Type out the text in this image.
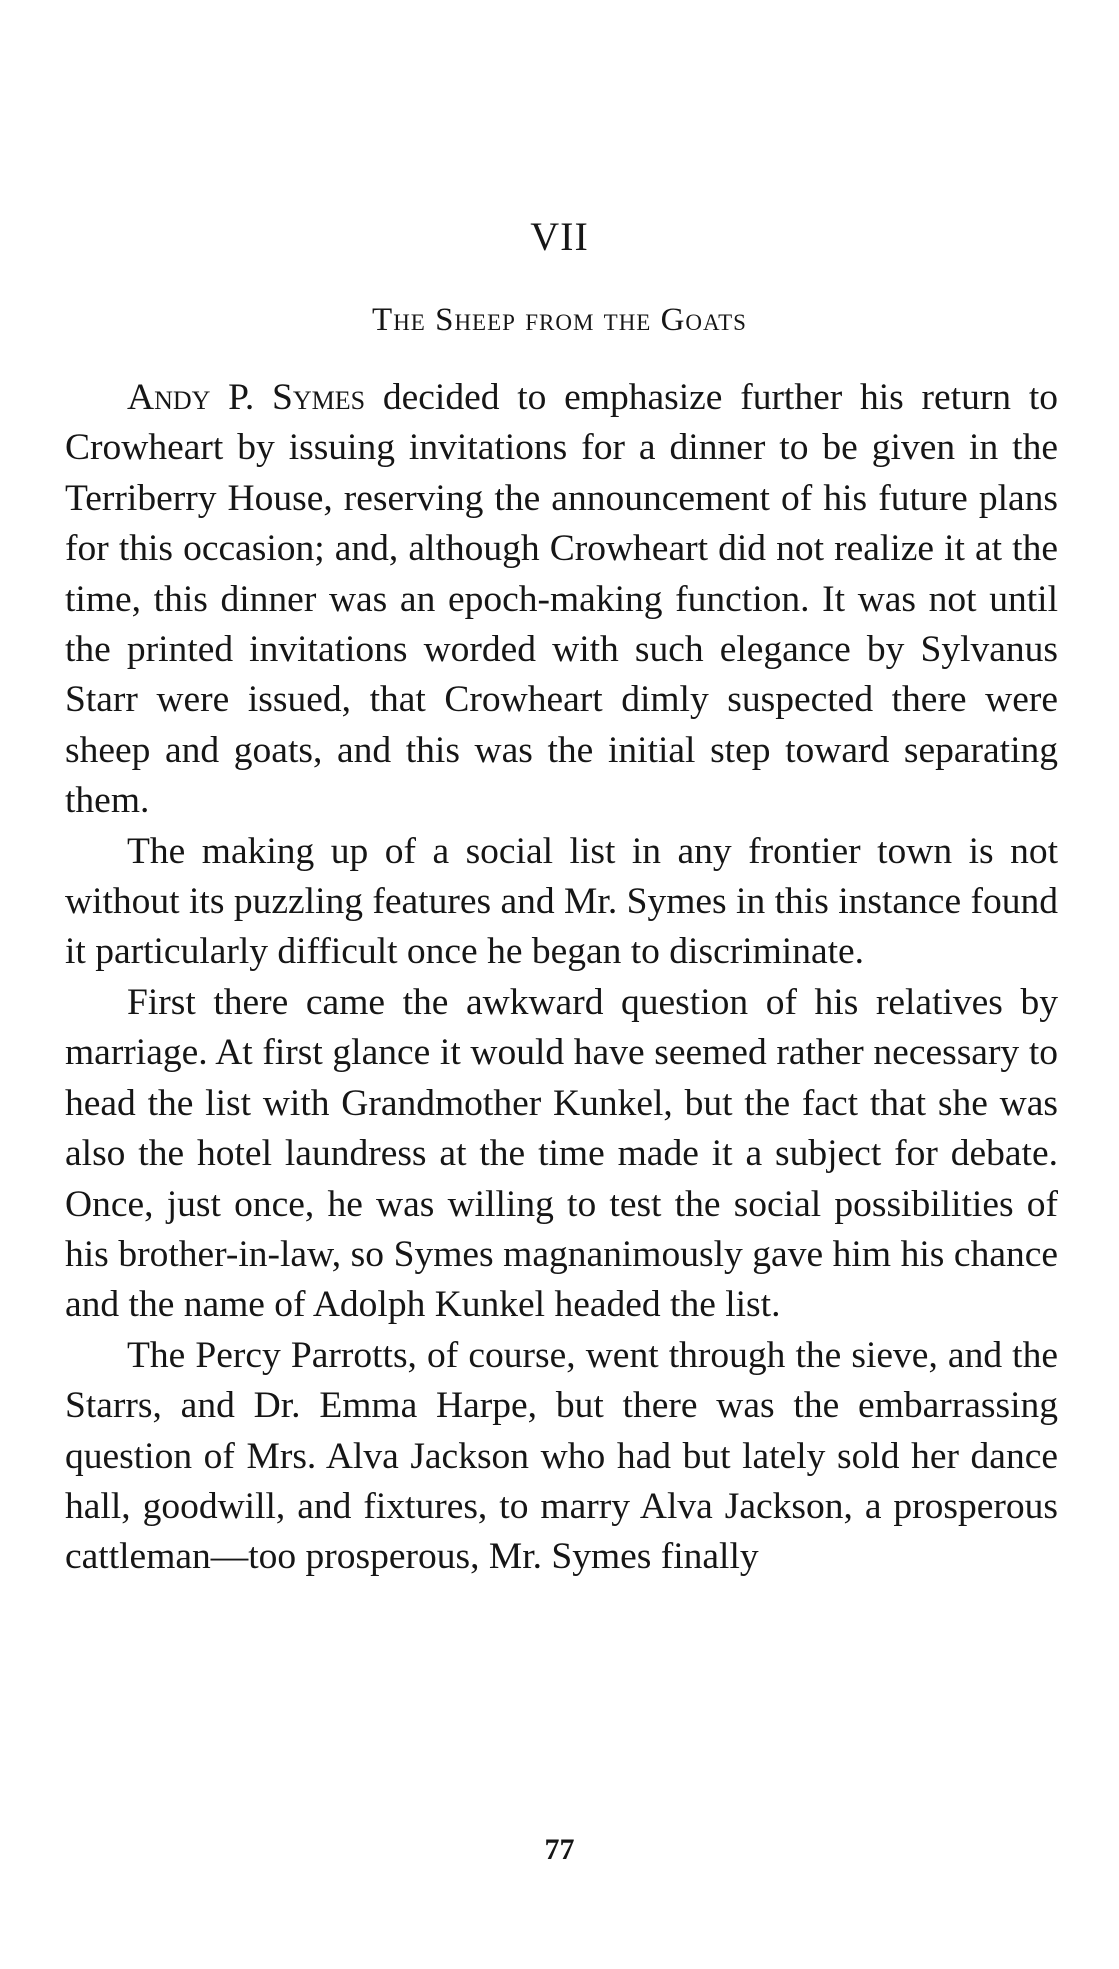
VII
The Sheep from the Goats

Andy P. Symes decided to emphasize further his return to Crowheart by issuing invitations for a dinner to be given in the Terriberry House, reserving the announcement of his future plans for this occasion; and, although Crowheart did not realize it at the time, this dinner was an epoch-making function. It was not until the printed invitations worded with such elegance by Sylvanus Starr were issued, that Crowheart dimly suspected there were sheep and goats, and this was the initial step toward separating them.

The making up of a social list in any frontier town is not without its puzzling features and Mr. Symes in this instance found it particularly difficult once he began to discriminate.

First there came the awkward question of his relatives by marriage. At first glance it would have seemed rather necessary to head the list with Grandmother Kunkel, but the fact that she was also the hotel laundress at the time made it a subject for debate. Once, just once, he was willing to test the social possibilities of his brother-in-law, so Symes magnanimously gave him his chance and the name of Adolph Kunkel headed the list.

The Percy Parrotts, of course, went through the sieve, and the Starrs, and Dr. Emma Harpe, but there was the embarrassing question of Mrs. Alva Jackson who had but lately sold her dance hall, goodwill, and fixtures, to marry Alva Jackson, a prosperous cattleman—too prosperous, Mr. Symes finally

77
